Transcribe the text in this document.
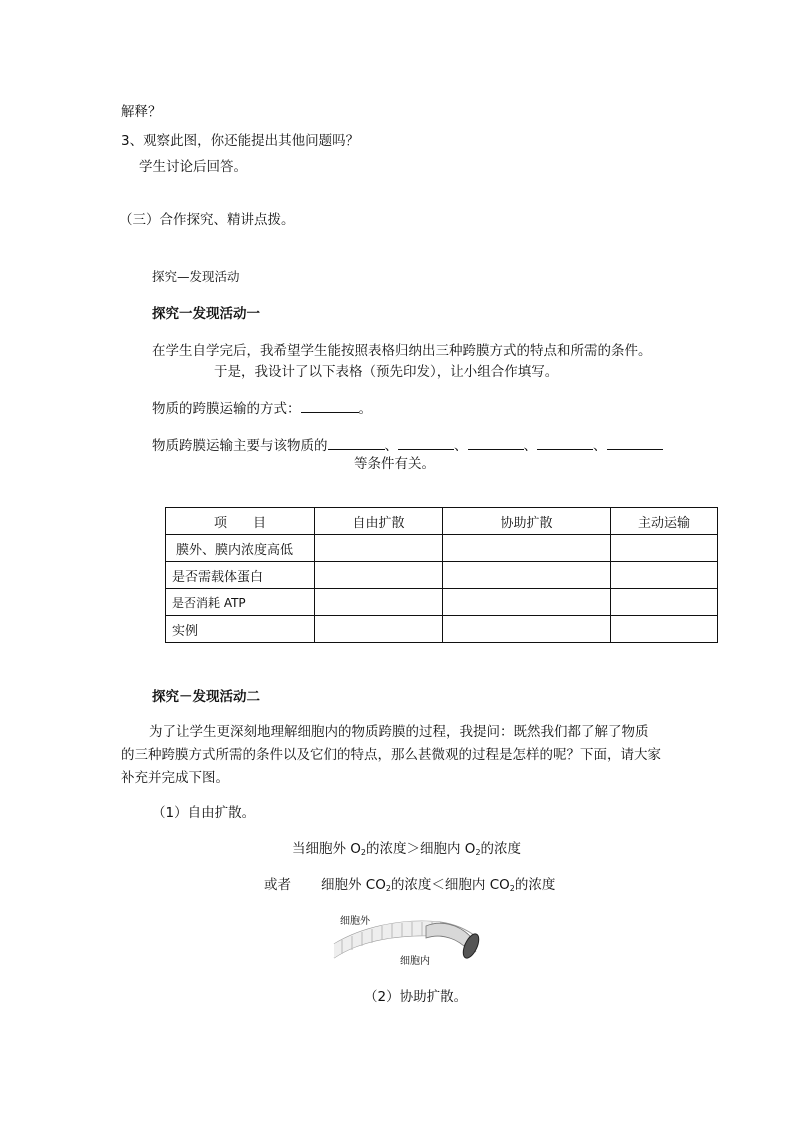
解释？
3、观察此图，你还能提出其他问题吗？
学生讨论后回答。
（三）合作探究、精讲点拨。
探究—发现活动
探究一发现活动一
在学生自学完后，我希望学生能按照表格归纳出三种跨膜方式的特点和所需的条件。
于是，我设计了以下表格（预先印发），让小组合作填写。
物质的跨膜运输的方式：	。
物质跨膜运输主要与该物质的	、	、	、	、
等条件有关。
项　　目	自由扩散	协助扩散	主动运输
膜外、膜内浓度高低			
是否需载体蛋白			
是否消耗 ATP			
实例			
探究－发现活动二
为了让学生更深刻地理解细胞内的物质跨膜的过程，我提问：既然我们都了解了物质
的三种跨膜方式所需的条件以及它们的特点，那么甚微观的过程是怎样的呢？下面，请大家
补充并完成下图。
（1）自由扩散。
当细胞外 $O_2$的浓度＞细胞内 $O_2$的浓度
或者 细胞外 $CO_2$的浓度＜细胞内 $CO_2$的浓度
细胞外
细胞内
（2）协助扩散。
